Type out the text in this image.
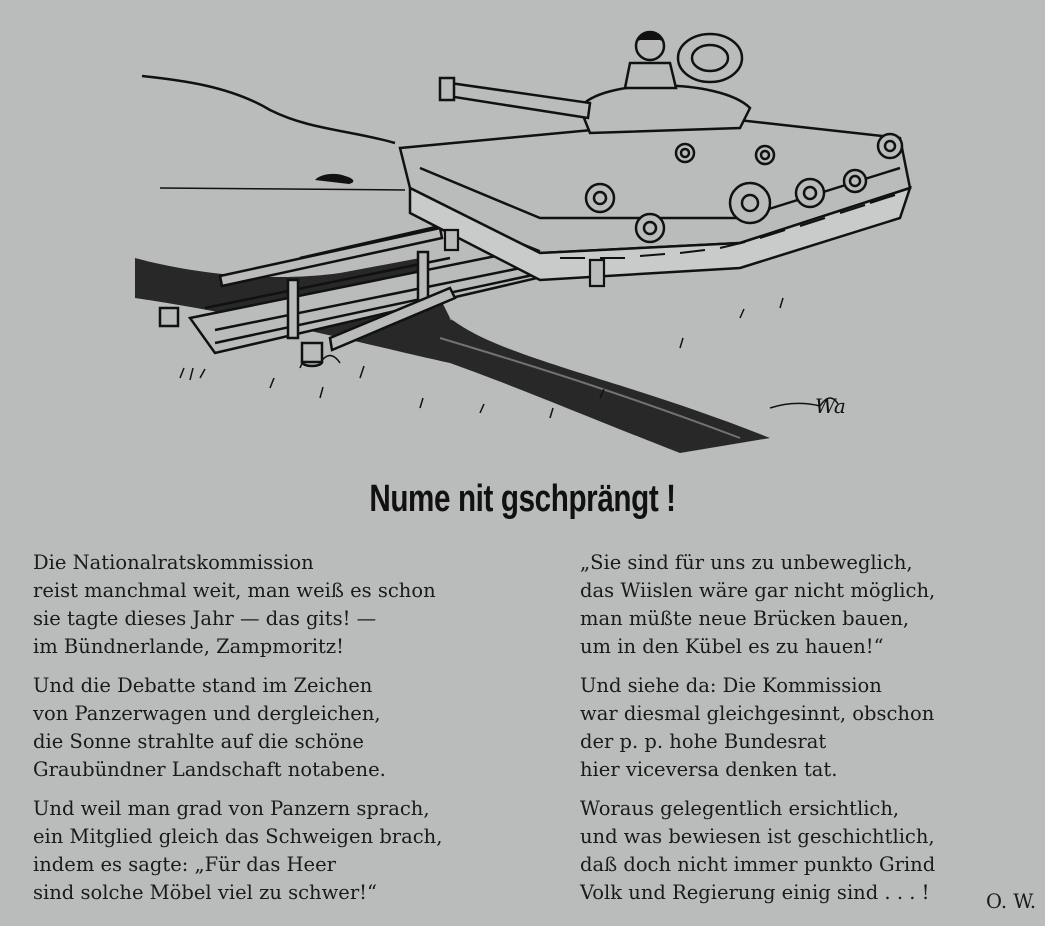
Wa
Nume nit gschprängt !
Die Nationalratskommission
reist manchmal weit, man weiß es schon
sie tagte dieses Jahr — das gits! —
im Bündnerlande, Zampmoritz!
Und die Debatte stand im Zeichen
von Panzerwagen und dergleichen,
die Sonne strahlte auf die schöne
Graubündner Landschaft notabene.
Und weil man grad von Panzern sprach,
ein Mitglied gleich das Schweigen brach,
indem es sagte: „Für das Heer
sind solche Möbel viel zu schwer!“
„Sie sind für uns zu unbeweglich,
das Wiislen wäre gar nicht möglich,
man müßte neue Brücken bauen,
um in den Kübel es zu hauen!“
Und siehe da: Die Kommission
war diesmal gleichgesinnt, obschon
der p. p. hohe Bundesrat
hier viceversa denken tat.
Woraus gelegentlich ersichtlich,
und was bewiesen ist geschichtlich,
daß doch nicht immer punkto Grind
Volk und Regierung einig sind . . . !	O. W.
